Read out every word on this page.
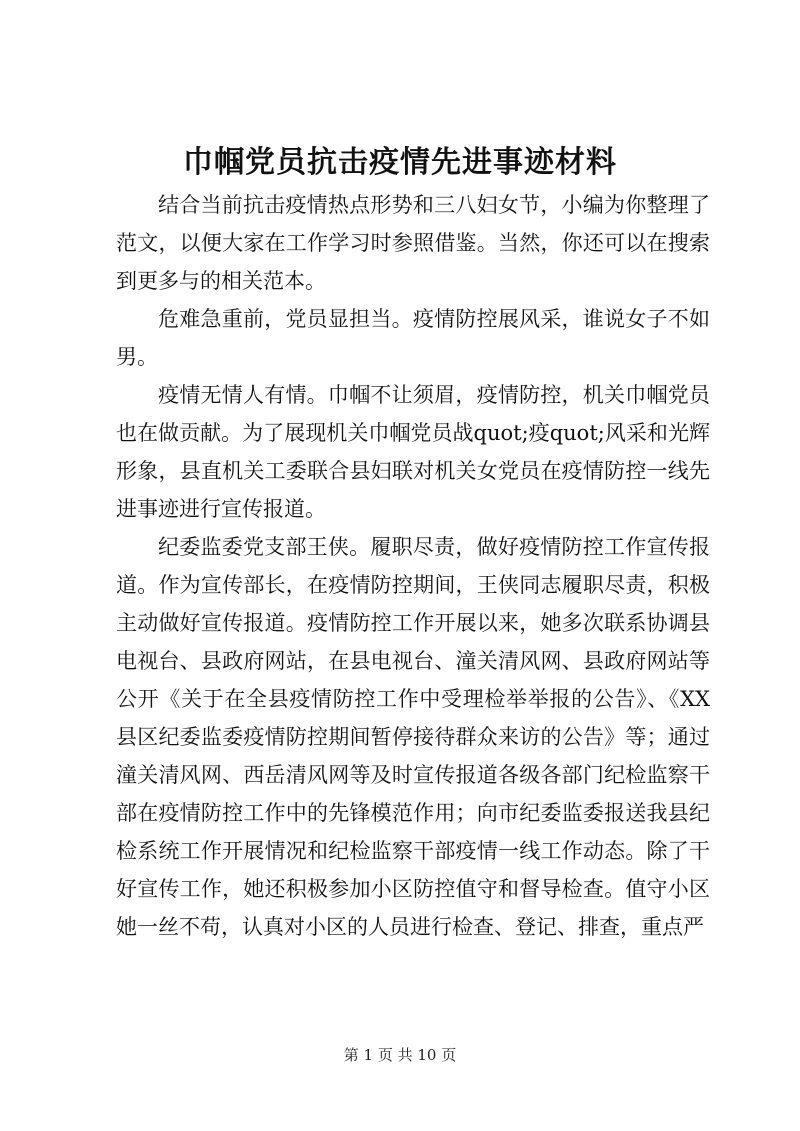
巾帼党员抗击疫情先进事迹材料

结合当前抗击疫情热点形势和三八妇女节，小编为你整理了范文，以便大家在工作学习时参照借鉴。当然，你还可以在搜索到更多与的相关范本。

危难急重前，党员显担当。疫情防控展风采，谁说女子不如男。

疫情无情人有情。巾帼不让须眉，疫情防控，机关巾帼党员也在做贡献。为了展现机关巾帼党员战quot;疫quot;风采和光辉形象，县直机关工委联合县妇联对机关女党员在疫情防控一线先进事迹进行宣传报道。

纪委监委党支部王侠。履职尽责，做好疫情防控工作宣传报道。作为宣传部长，在疫情防控期间，王侠同志履职尽责，积极主动做好宣传报道。疫情防控工作开展以来，她多次联系协调县电视台、县政府网站，在县电视台、潼关清风网、县政府网站等公开《关于在全县疫情防控工作中受理检举举报的公告》、《XX县区纪委监委疫情防控期间暂停接待群众来访的公告》等；通过潼关清风网、西岳清风网等及时宣传报道各级各部门纪检监察干部在疫情防控工作中的先锋模范作用；向市纪委监委报送我县纪检系统工作开展情况和纪检监察干部疫情一线工作动态。除了干好宣传工作，她还积极参加小区防控值守和督导检查。值守小区她一丝不苟，认真对小区的人员进行检查、登记、排查，重点严

第 1 页 共 10 页
